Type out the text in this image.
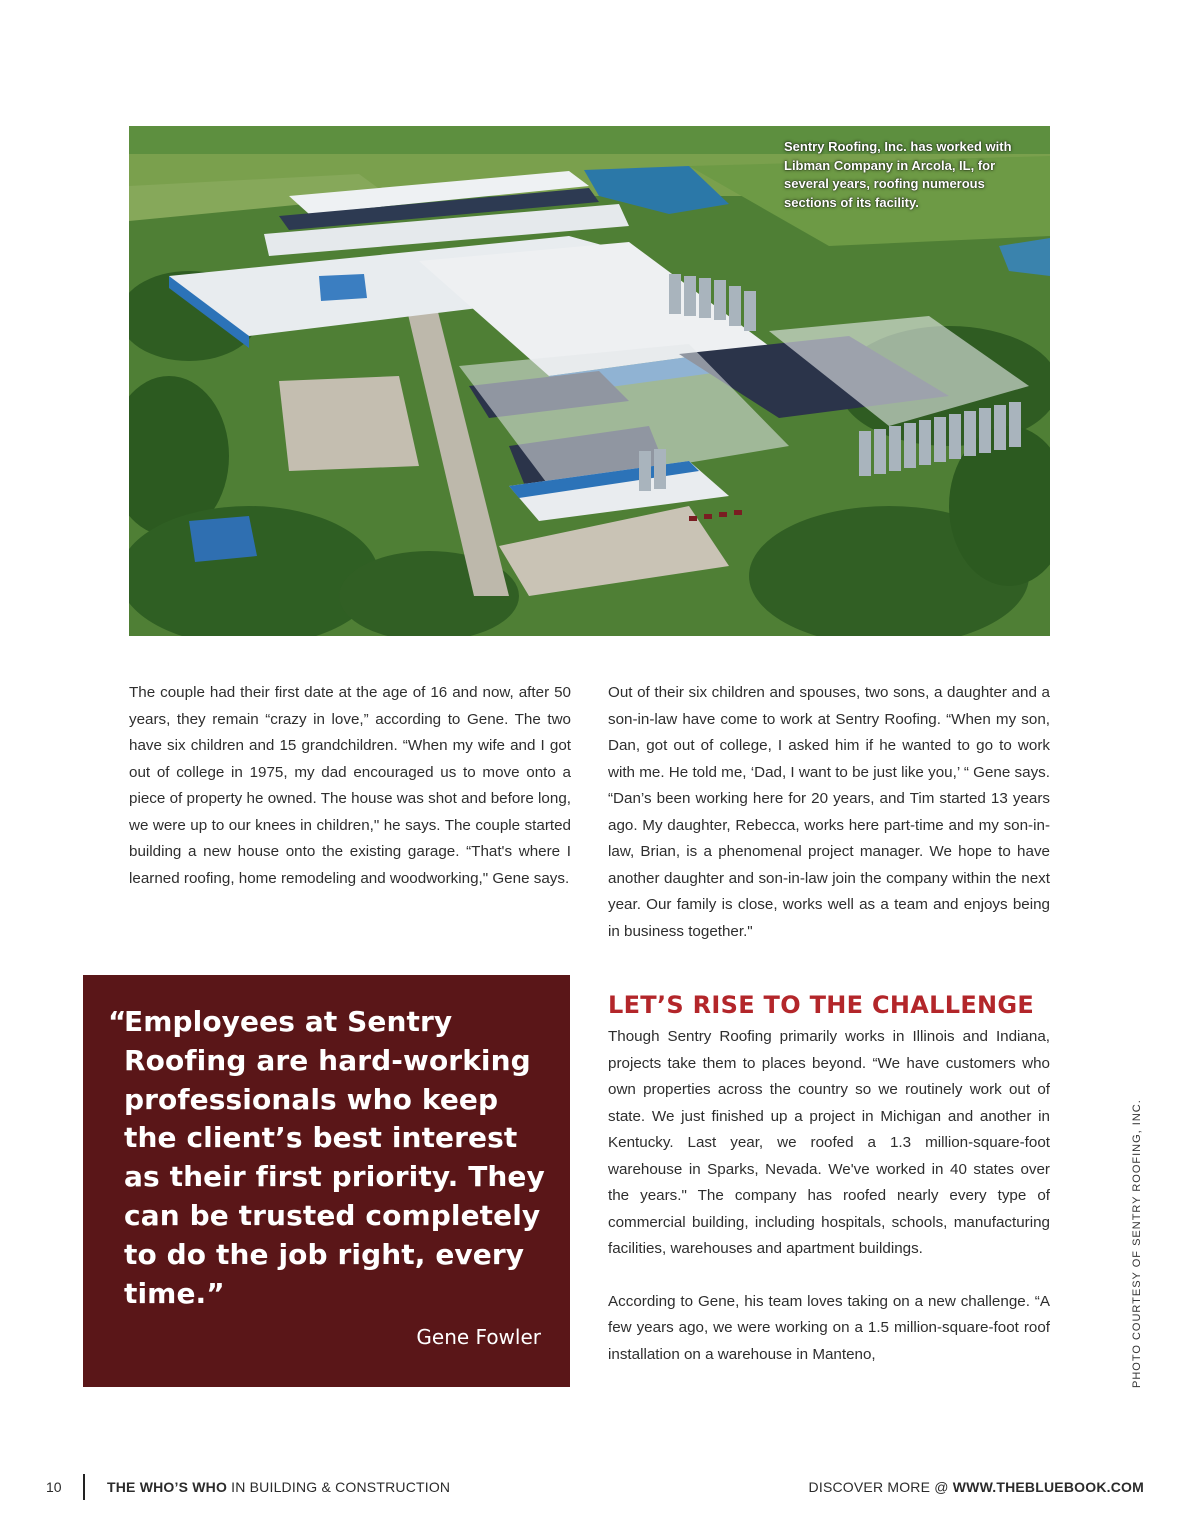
Sentry Roofing, Inc. has worked with Libman Company in Arcola, IL, for several years, roofing numerous sections of its facility.

The couple had their first date at the age of 16 and now, after 50 years, they remain “crazy in love,” according to Gene. The two have six children and 15 grandchildren. “When my wife and I got out of college in 1975, my dad encouraged us to move onto a piece of property he owned. The house was shot and before long, we were up to our knees in children," he says. The couple started building a new house onto the existing garage. “That's where I learned roofing, home remodeling and woodworking," Gene says.

“
Employees at Sentry Roofing are hard-working professionals who keep the client’s best interest as their first priority. They can be trusted completely to do the job right, every time.”
Gene Fowler

Out of their six children and spouses, two sons, a daughter and a son-in-law have come to work at Sentry Roofing. “When my son, Dan, got out of college, I asked him if he wanted to go to work with me. He told me, ‘Dad, I want to be just like you,’ “ Gene says. “Dan’s been working here for 20 years, and Tim started 13 years ago. My daughter, Rebecca, works here part-time and my son-in-law, Brian, is a phenomenal project manager. We hope to have another daughter and son-in-law join the company within the next year. Our family is close, works well as a team and enjoys being in business together."

LET’S RISE TO THE CHALLENGE

Though Sentry Roofing primarily works in Illinois and Indiana, projects take them to places beyond. “We have customers who own properties across the country so we routinely work out of state. We just finished up a project in Michigan and another in Kentucky. Last year, we roofed a 1.3 million-square-foot warehouse in Sparks, Nevada. We've worked in 40 states over the years." The company has roofed nearly every type of commercial building, including hospitals, schools, manufacturing facilities, warehouses and apartment buildings.

According to Gene, his team loves taking on a new challenge. “A few years ago, we were working on a 1.5 million-square-foot roof installation on a warehouse in Manteno,	PHOTO COURTESY OF SENTRY ROOFING, INC.
10	THE WHO’S WHO IN BUILDING & CONSTRUCTION	DISCOVER MORE @ WWW.THEBLUEBOOK.COM
